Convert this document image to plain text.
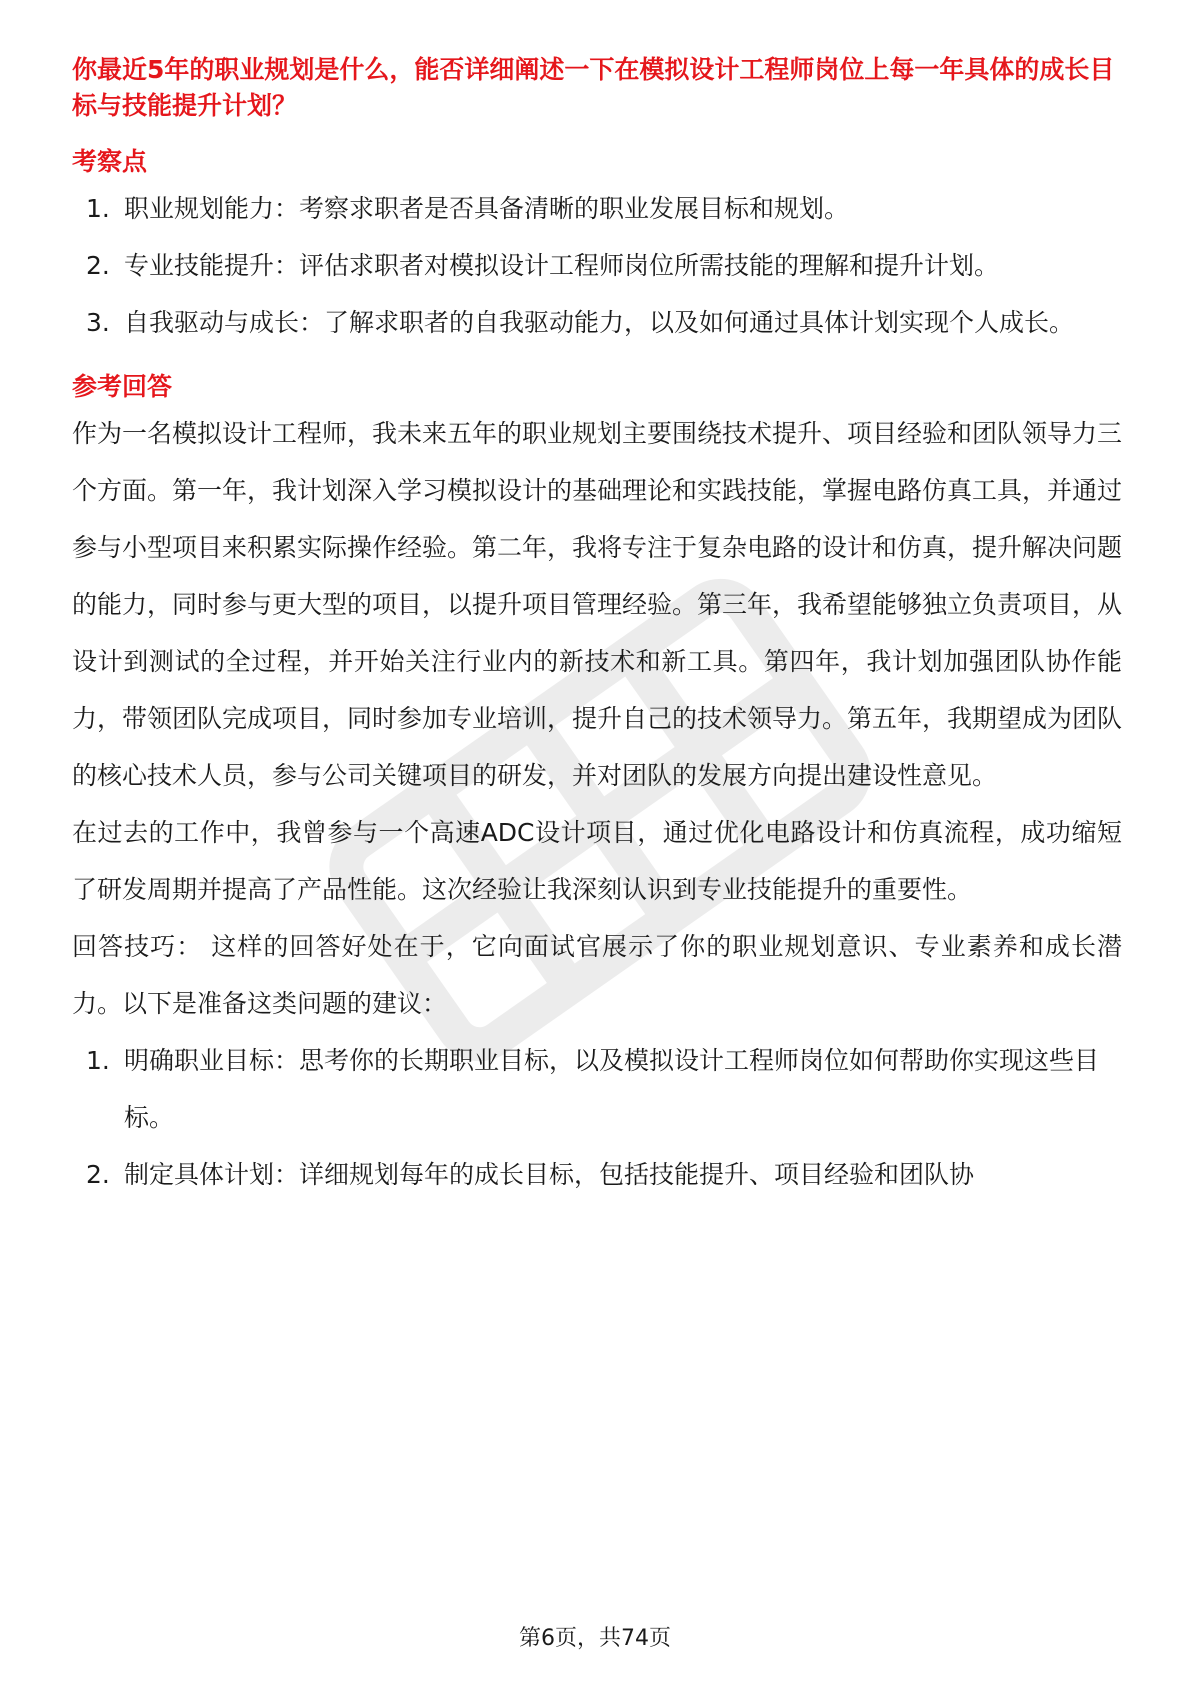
你最近5年的职业规划是什么，能否详细阐述一下在模拟设计工程师岗位上每一年具体的成长目标与技能提升计划？

考察点

1. 职业规划能力：考察求职者是否具备清晰的职业发展目标和规划。
2. 专业技能提升：评估求职者对模拟设计工程师岗位所需技能的理解和提升计划。
3. 自我驱动与成长：了解求职者的自我驱动能力，以及如何通过具体计划实现个人成长。

参考回答

作为一名模拟设计工程师，我未来五年的职业规划主要围绕技术提升、项目经验和团队领导力三个方面。第一年，我计划深入学习模拟设计的基础理论和实践技能，掌握电路仿真工具，并通过参与小型项目来积累实际操作经验。第二年，我将专注于复杂电路的设计和仿真，提升解决问题的能力，同时参与更大型的项目，以提升项目管理经验。第三年，我希望能够独立负责项目，从设计到测试的全过程，并开始关注行业内的新技术和新工具。第四年，我计划加强团队协作能力，带领团队完成项目，同时参加专业培训，提升自己的技术领导力。第五年，我期望成为团队的核心技术人员，参与公司关键项目的研发，并对团队的发展方向提出建设性意见。

在过去的工作中，我曾参与一个高速ADC设计项目，通过优化电路设计和仿真流程，成功缩短了研发周期并提高了产品性能。这次经验让我深刻认识到专业技能提升的重要性。

回答技巧： 这样的回答好处在于，它向面试官展示了你的职业规划意识、专业素养和成长潜力。以下是准备这类问题的建议：

1. 明确职业目标：思考你的长期职业目标，以及模拟设计工程师岗位如何帮助你实现这些目标。
2. 制定具体计划：详细规划每年的成长目标，包括技能提升、项目经验和团队协
第6页，共74页
